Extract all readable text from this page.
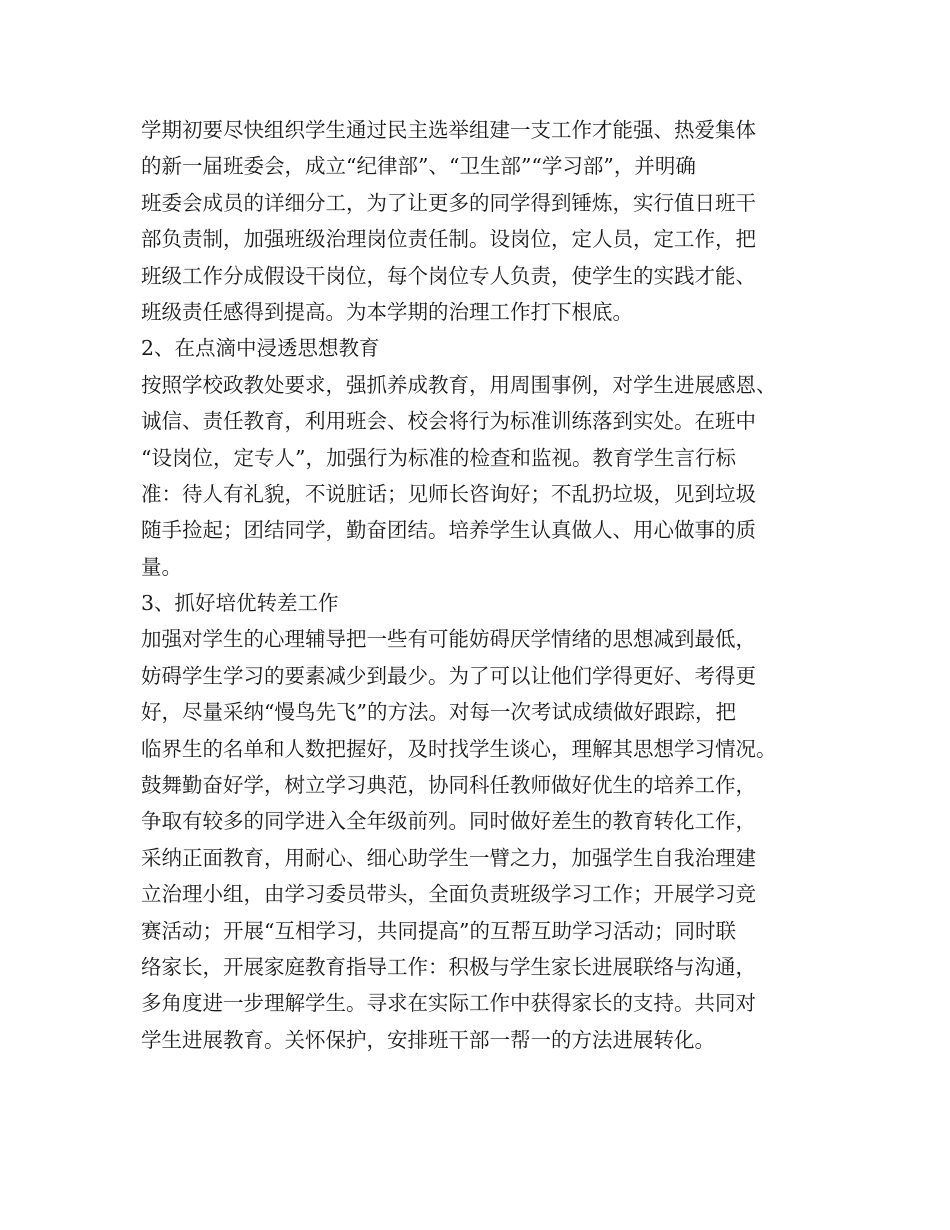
学期初要尽快组织学生通过民主选举组建一支工作才能强、热爱集体
的新一届班委会，成立“纪律部”、“卫生部”“学习部”，并明确
班委会成员的详细分工，为了让更多的同学得到锤炼，实行值日班干
部负责制，加强班级治理岗位责任制。设岗位，定人员，定工作，把
班级工作分成假设干岗位，每个岗位专人负责，使学生的实践才能、
班级责任感得到提高。为本学期的治理工作打下根底。
2、在点滴中浸透思想教育
按照学校政教处要求，强抓养成教育，用周围事例，对学生进展感恩、
诚信、责任教育，利用班会、校会将行为标准训练落到实处。在班中
“设岗位，定专人”，加强行为标准的检查和监视。教育学生言行标
准：待人有礼貌，不说脏话；见师长咨询好；不乱扔垃圾，见到垃圾
随手捡起；团结同学，勤奋团结。培养学生认真做人、用心做事的质
量。
3、抓好培优转差工作
加强对学生的心理辅导把一些有可能妨碍厌学情绪的思想减到最低，
妨碍学生学习的要素减少到最少。为了可以让他们学得更好、考得更
好，尽量采纳“慢鸟先飞”的方法。对每一次考试成绩做好跟踪，把
临界生的名单和人数把握好，及时找学生谈心，理解其思想学习情况。
鼓舞勤奋好学，树立学习典范，协同科任教师做好优生的培养工作，
争取有较多的同学进入全年级前列。同时做好差生的教育转化工作，
采纳正面教育，用耐心、细心助学生一臂之力，加强学生自我治理建
立治理小组，由学习委员带头，全面负责班级学习工作；开展学习竞
赛活动；开展“互相学习，共同提高”的互帮互助学习活动；同时联
络家长，开展家庭教育指导工作：积极与学生家长进展联络与沟通，
多角度进一步理解学生。寻求在实际工作中获得家长的支持。共同对
学生进展教育。关怀保护，安排班干部一帮一的方法进展转化。
